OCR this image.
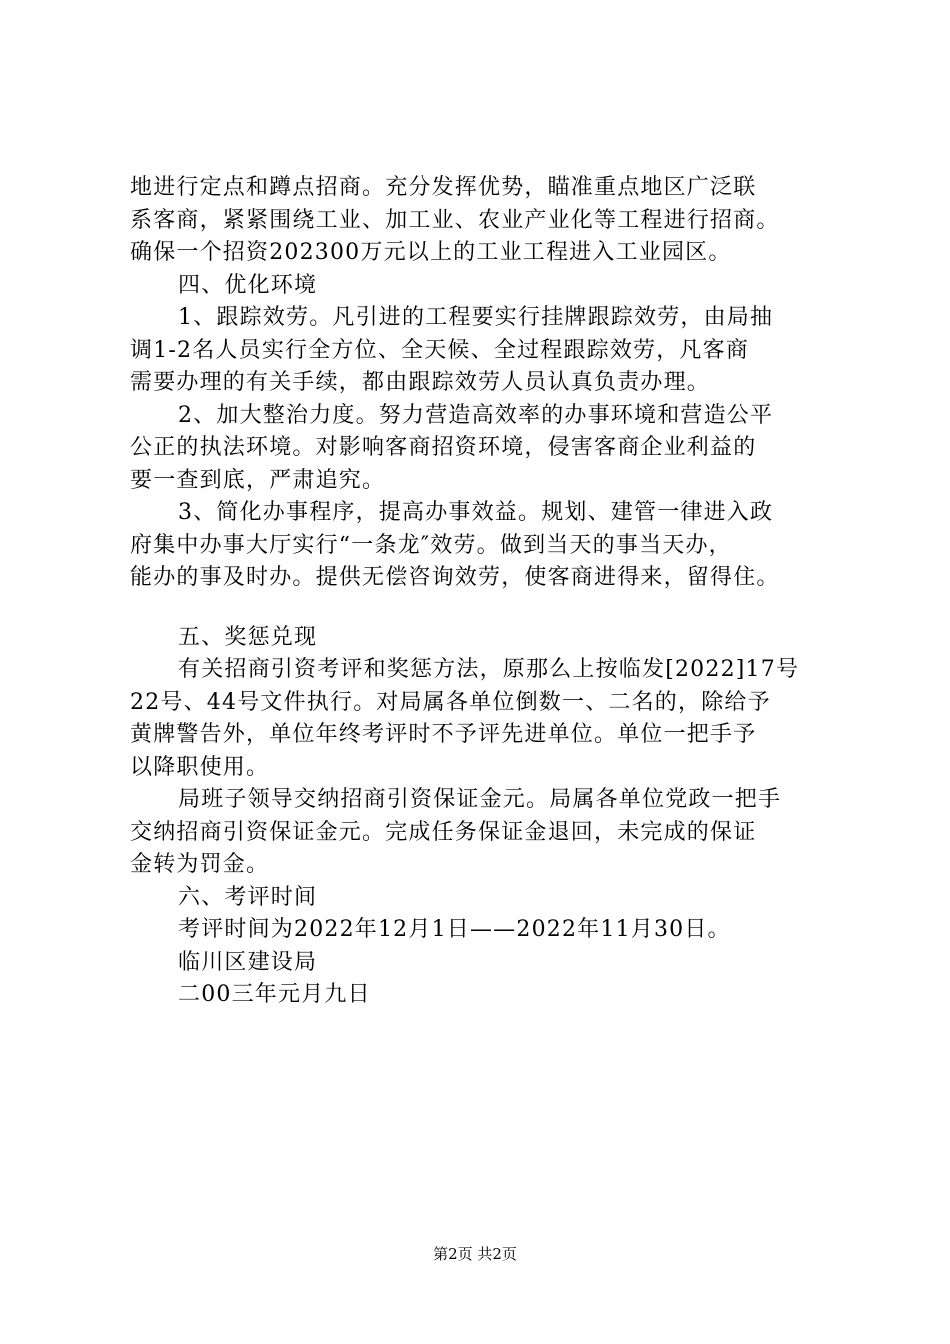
地进行定点和蹲点招商。充分发挥优势，瞄准重点地区广泛联
系客商，紧紧围绕工业、加工业、农业产业化等工程进行招商。
确保一个招资202300万元以上的工业工程进入工业园区。
四、优化环境
1、跟踪效劳。凡引进的工程要实行挂牌跟踪效劳，由局抽
调1-2名人员实行全方位、全天候、全过程跟踪效劳，凡客商
需要办理的有关手续，都由跟踪效劳人员认真负责办理。
2、加大整治力度。努力营造高效率的办事环境和营造公平
公正的执法环境。对影响客商招资环境，侵害客商企业利益的
要一查到底，严肃追究。
3、简化办事程序，提高办事效益。规划、建管一律进入政
府集中办事大厅实行“一条龙″效劳。做到当天的事当天办，
能办的事及时办。提供无偿咨询效劳，使客商进得来，留得住。
五、奖惩兑现
有关招商引资考评和奖惩方法，原那么上按临发[2022]17号
22号、44号文件执行。对局属各单位倒数一、二名的，除给予
黄牌警告外，单位年终考评时不予评先进单位。单位一把手予
以降职使用。
局班子领导交纳招商引资保证金元。局属各单位党政一把手
交纳招商引资保证金元。完成任务保证金退回，未完成的保证
金转为罚金。
六、考评时间
考评时间为2022年12月1日——2022年11月30日。
临川区建设局
二00三年元月九日
第2页 共2页
